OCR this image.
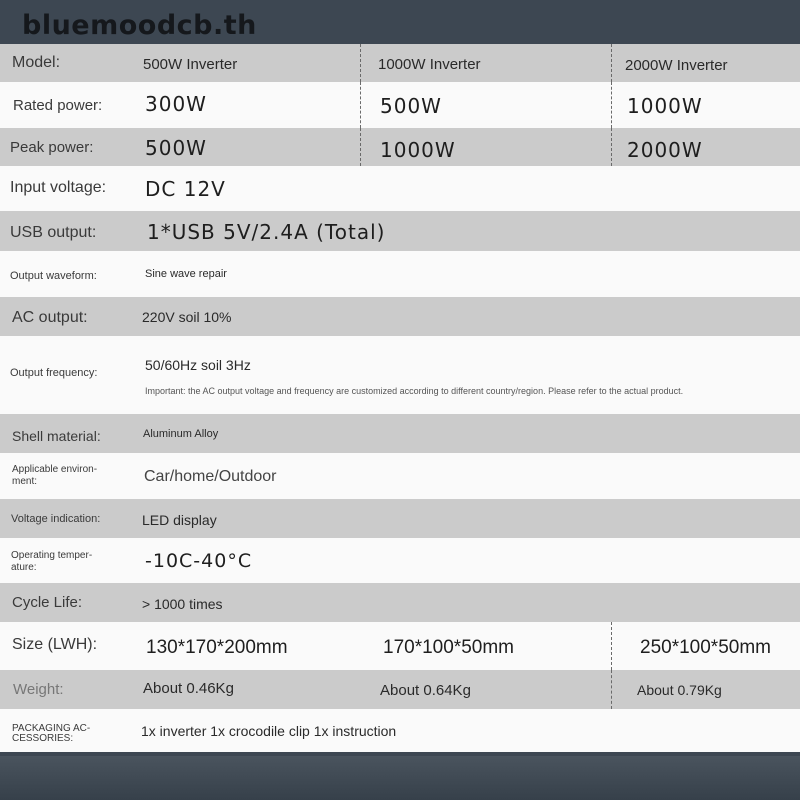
bluemoodcb.th
Model:	500W Inverter	1000W Inverter	2000W Inverter
Rated power: 300W	500W	1000W
Peak power:	500W	1000W	2000W
Input voltage: DC 12V
USB output:	1*USB 5V/2.4A (Total)
Output waveform:	Sine wave repair
AC output:	220V soil 10%
Output frequency:	50/60Hz soil 3Hz
Important: the AC output voltage and frequency are customized according to different country/region. Please refer to the actual product.
Shell material:	Aluminum Alloy
Applicable environ-
ment:	Car/home/Outdoor
Voltage indication:	LED display
Operating temper-
ature:	-10C-40°C
Cycle Life:	> 1000 times
Size (LWH):	130*170*200mm	170*100*50mm	250*100*50mm
Weight:	About 0.46Kg	About 0.64Kg	About 0.79Kg
PACKAGING AC-
CESSORIES:	1x inverter 1x crocodile clip 1x instruction
